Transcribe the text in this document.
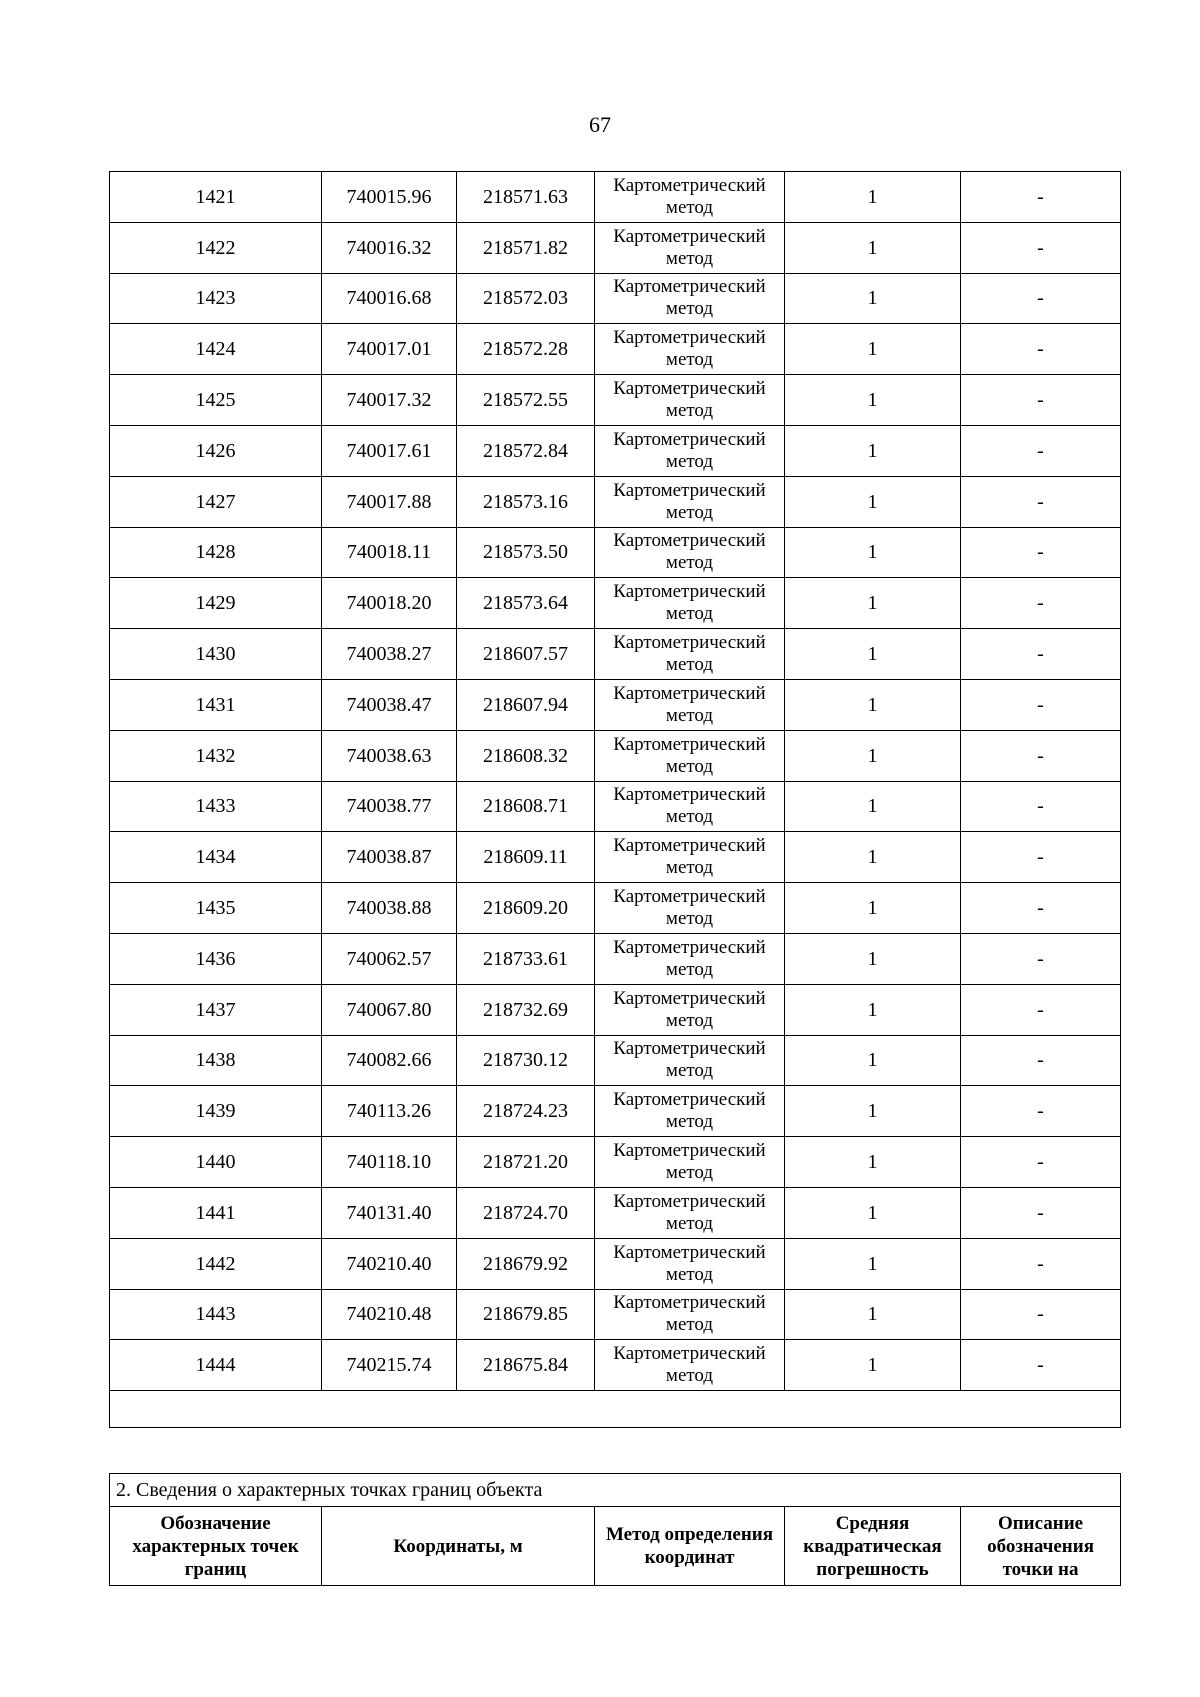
67
1421	740015.96	218571.63	Картометрический метод	1	-
1422	740016.32	218571.82	Картометрический метод	1	-
1423	740016.68	218572.03	Картометрический метод	1	-
1424	740017.01	218572.28	Картометрический метод	1	-
1425	740017.32	218572.55	Картометрический метод	1	-
1426	740017.61	218572.84	Картометрический метод	1	-
1427	740017.88	218573.16	Картометрический метод	1	-
1428	740018.11	218573.50	Картометрический метод	1	-
1429	740018.20	218573.64	Картометрический метод	1	-
1430	740038.27	218607.57	Картометрический метод	1	-
1431	740038.47	218607.94	Картометрический метод	1	-
1432	740038.63	218608.32	Картометрический метод	1	-
1433	740038.77	218608.71	Картометрический метод	1	-
1434	740038.87	218609.11	Картометрический метод	1	-
1435	740038.88	218609.20	Картометрический метод	1	-
1436	740062.57	218733.61	Картометрический метод	1	-
1437	740067.80	218732.69	Картометрический метод	1	-
1438	740082.66	218730.12	Картометрический метод	1	-
1439	740113.26	218724.23	Картометрический метод	1	-
1440	740118.10	218721.20	Картометрический метод	1	-
1441	740131.40	218724.70	Картометрический метод	1	-
1442	740210.40	218679.92	Картометрический метод	1	-
1443	740210.48	218679.85	Картометрический метод	1	-
1444	740215.74	218675.84	Картометрический метод	1	-

2. Сведения о характерных точках границ объекта
Обозначение характерных точек границ	Координаты, м	Метод определения координат	Средняя квадратическая погрешность	Описание обозначения точки на
